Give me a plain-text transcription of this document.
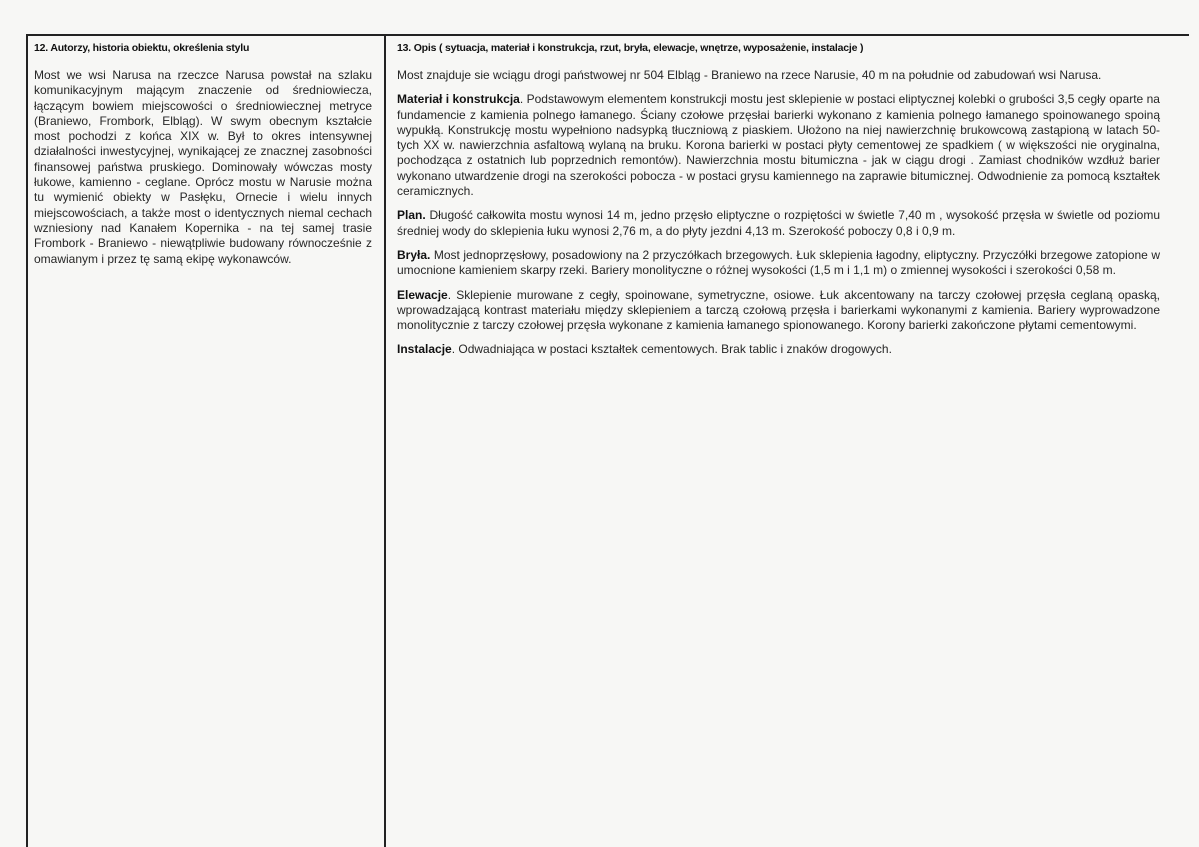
12. Autorzy, historia obiektu, określenia stylu

Most we wsi Narusa na rzeczce Narusa powstał na szlaku komunikacyjnym mającym znaczenie od średniowiecza, łączącym bowiem miejscowości o średniowiecznej metryce (Braniewo, Frombork, Elbląg). W swym obecnym kształcie most pochodzi z końca XIX w. Był to okres intensywnej działalności inwestycyjnej, wynikającej ze znacznej zasobności finansowej państwa pruskiego. Dominowały wówczas mosty łukowe, kamienno - ceglane. Oprócz mostu w Narusie można tu wymienić obiekty w Pasłęku, Ornecie i wielu innych miejscowościach, a także most o identycznych niemal cechach wzniesiony nad Kanałem Kopernika - na tej samej trasie Frombork - Braniewo - niewątpliwie budowany równocześnie z omawianym i przez tę samą ekipę wykonawców.

13. Opis ( sytuacja, materiał i konstrukcja, rzut, bryła, elewacje, wnętrze, wyposażenie, instalacje )

Most znajduje sie wciągu drogi państwowej nr 504 Elbląg - Braniewo na rzece Narusie, 40 m na południe od zabudowań wsi Narusa.

Materiał i konstrukcja. Podstawowym elementem konstrukcji mostu jest sklepienie w postaci eliptycznej kolebki o grubości 3,5 cegły oparte na fundamencie z kamienia polnego łamanego. Ściany czołowe przęsłai barierki wykonano z kamienia polnego łamanego spoinowanego spoiną wypukłą. Konstrukcję mostu wypełniono nadsypką tłuczniową z piaskiem. Ułożono na niej nawierzchnię brukowcową zastąpioną w latach 50-tych XX w. nawierzchnia asfaltową wylaną na bruku. Korona barierki w postaci płyty cementowej ze spadkiem ( w większości nie oryginalna, pochodząca z ostatnich lub poprzednich remontów). Nawierzchnia mostu bitumiczna - jak w ciągu drogi . Zamiast chodników wzdłuż barier wykonano utwardzenie drogi na szerokości pobocza - w postaci grysu kamiennego na zaprawie bitumicznej. Odwodnienie za pomocą kształtek ceramicznych.

Plan. Długość całkowita mostu wynosi 14 m, jedno przęsło eliptyczne o rozpiętości w świetle 7,40 m , wysokość przęsła w świetle od poziomu średniej wody do sklepienia łuku wynosi 2,76 m, a do płyty jezdni 4,13 m. Szerokość poboczy 0,8 i 0,9 m.

Bryła. Most jednoprzęsłowy, posadowiony na 2 przyczółkach brzegowych. Łuk sklepienia łagodny, eliptyczny. Przyczółki brzegowe zatopione w umocnione kamieniem skarpy rzeki. Bariery monolityczne o różnej wysokości (1,5 m i 1,1 m) o zmiennej wysokości i szerokości 0,58 m.

Elewacje. Sklepienie murowane z cegły, spoinowane, symetryczne, osiowe. Łuk akcentowany na tarczy czołowej przęsła ceglaną opaską, wprowadzającą kontrast materiału między sklepieniem a tarczą czołową przęsła i barierkami wykonanymi z kamienia. Bariery wyprowadzone monolitycznie z tarczy czołowej przęsła wykonane z kamienia łamanego spionowanego. Korony barierki zakończone płytami cementowymi.

Instalacje. Odwadniająca w postaci kształtek cementowych. Brak tablic i znaków drogowych.
